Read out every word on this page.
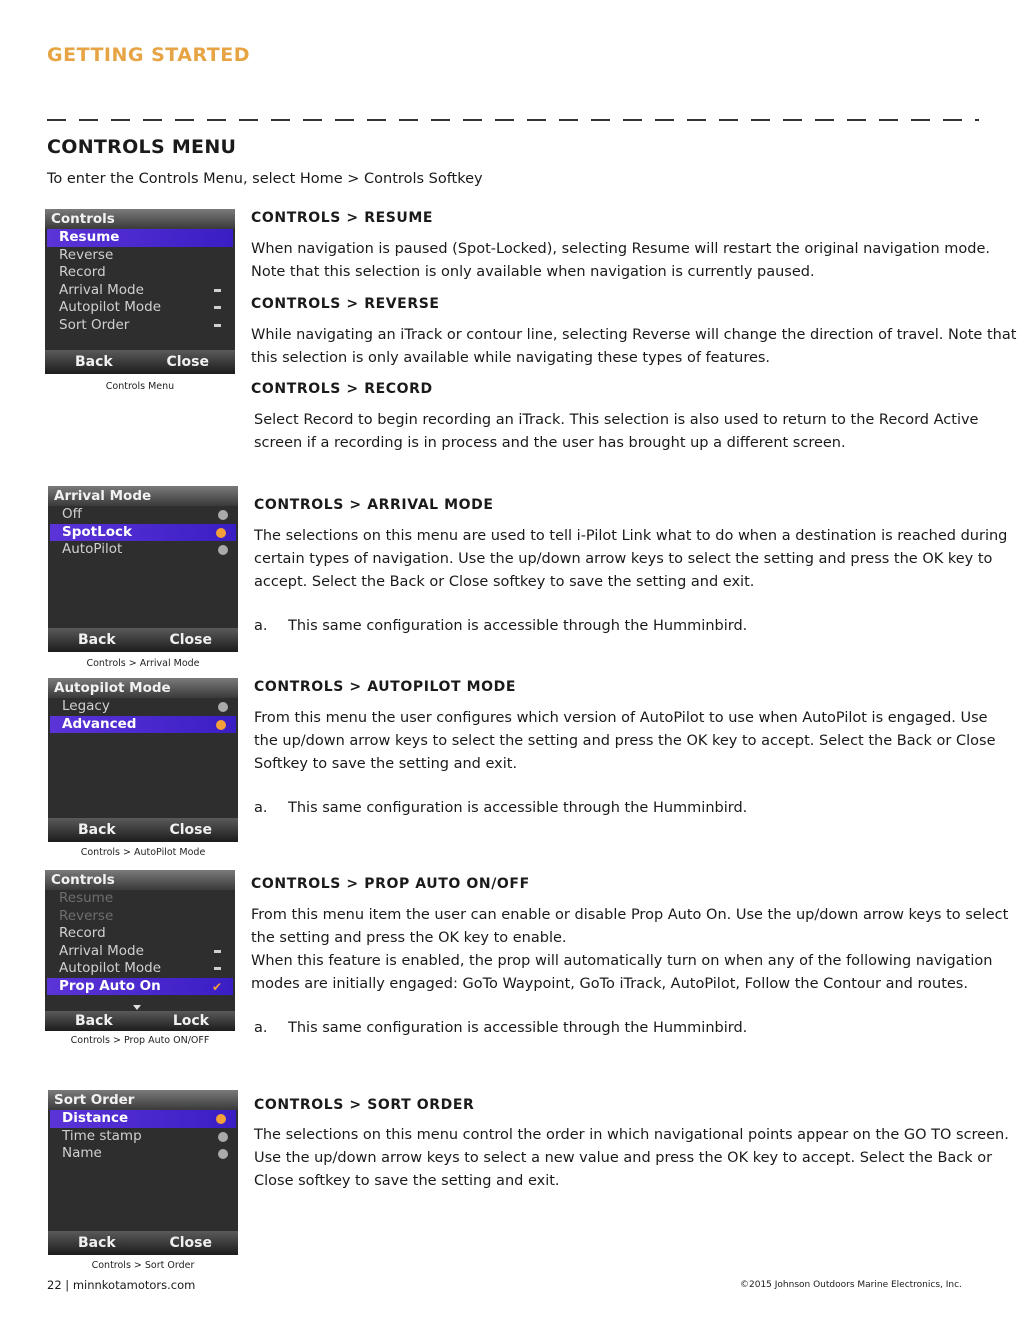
GETTING STARTED
CONTROLS MENU
To enter the Controls Menu, select Home > Controls Softkey
Controls
Resume
Reverse
Record
Arrival Mode
Autopilot Mode
Sort Order
Back	Close
Controls Menu
CONTROLS > RESUME
When navigation is paused (Spot-Locked), selecting Resume will restart the original navigation mode.
Note that this selection is only available when navigation is currently paused.
CONTROLS > REVERSE
While navigating an iTrack or contour line, selecting Reverse will change the direction of travel. Note that
this selection is only available while navigating these types of features.
CONTROLS > RECORD
Select Record to begin recording an iTrack. This selection is also used to return to the Record Active
screen if a recording is in process and the user has brought up a different screen.
Arrival Mode
Off
SpotLock
AutoPilot
Back	Close
Controls > Arrival Mode
CONTROLS > ARRIVAL MODE
The selections on this menu are used to tell i-Pilot Link what to do when a destination is reached during
certain types of navigation. Use the up/down arrow keys to select the setting and press the OK key to
accept. Select the Back or Close softkey to save the setting and exit.
a. This same configuration is accessible through the Humminbird.
Autopilot Mode
Legacy
Advanced
Back	Close
Controls > AutoPilot Mode
CONTROLS > AUTOPILOT MODE
From this menu the user configures which version of AutoPilot to use when AutoPilot is engaged. Use
the up/down arrow keys to select the setting and press the OK key to accept. Select the Back or Close
Softkey to save the setting and exit.
a. This same configuration is accessible through the Humminbird.
Controls
Resume
Reverse
Record
Arrival Mode
Autopilot Mode
Prop Auto On	✔
Back	Lock
Controls > Prop Auto ON/OFF
CONTROLS > PROP AUTO ON/OFF
From this menu item the user can enable or disable Prop Auto On. Use the up/down arrow keys to select
the setting and press the OK key to enable.
When this feature is enabled, the prop will automatically turn on when any of the following navigation
modes are initially engaged: GoTo Waypoint, GoTo iTrack, AutoPilot, Follow the Contour and routes.
a. This same configuration is accessible through the Humminbird.
Sort Order
Distance
Time stamp
Name
Back	Close
Controls > Sort Order
CONTROLS > SORT ORDER
The selections on this menu control the order in which navigational points appear on the GO TO screen.
Use the up/down arrow keys to select a new value and press the OK key to accept. Select the Back or
Close softkey to save the setting and exit.
22 | minnkotamotors.com	©2015 Johnson Outdoors Marine Electronics, Inc.
